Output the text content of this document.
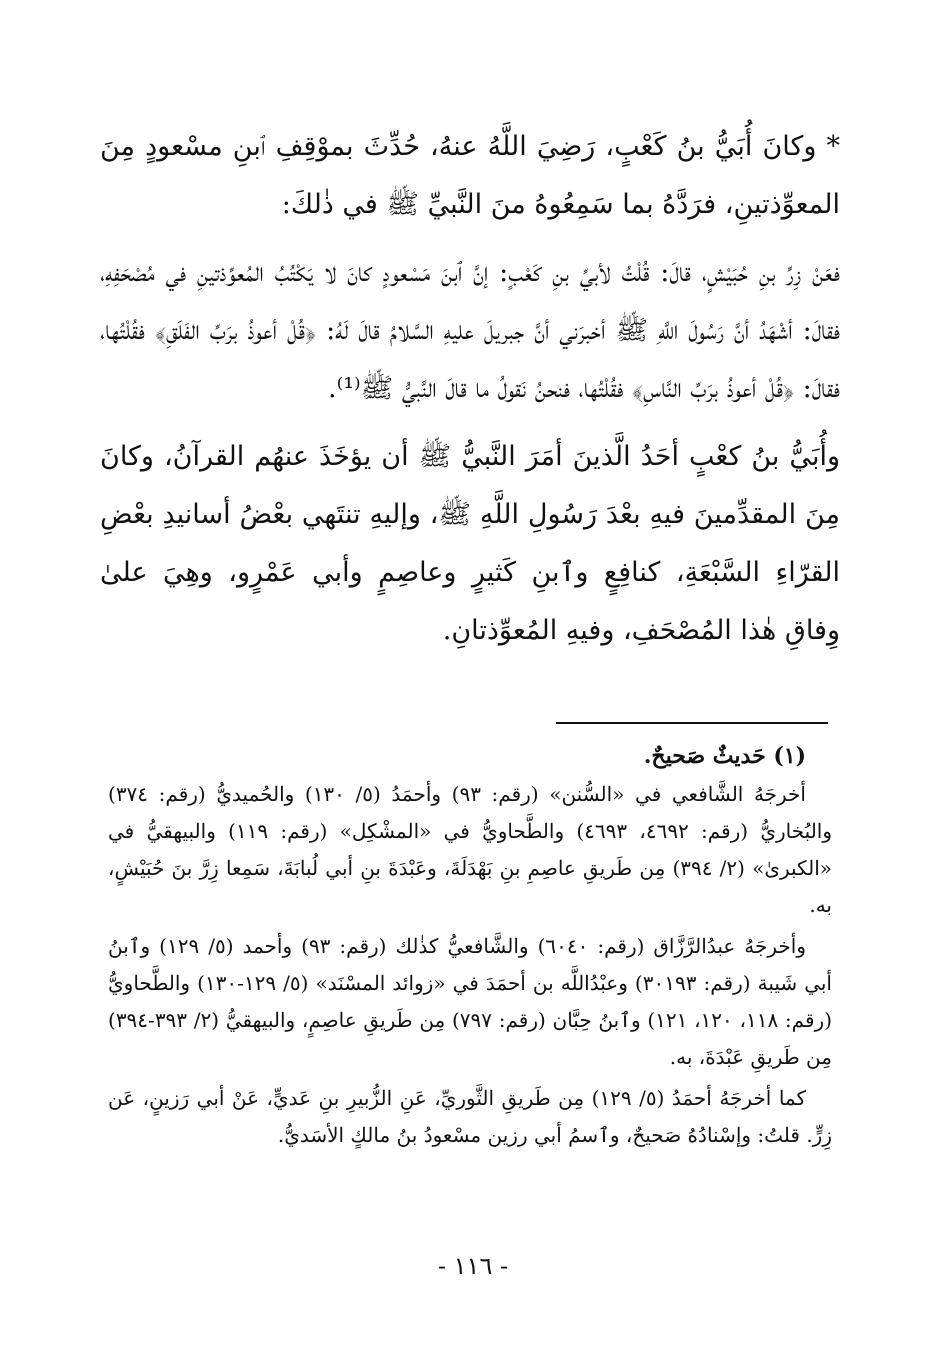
* وكانَ أُبَيُّ بنُ كَعْبٍ، رَضِيَ اللَّهُ عنهُ، حُدِّثَ بموْقِفِ ٱبنِ مسْعودٍ مِنَ المعوِّذتينِ، فرَدَّهُ بما سَمِعُوهُ منَ النَّبيِّ ﷺ في ذٰلكَ:

فعَنْ زِرِّ بنِ حُبَيْشٍ، قالَ: قُلْتُ لأبيِّ بنِ كَعْبٍ: إنَّ ٱبنَ مَسْعودٍ كانَ لا يَكْتُبُ المُعوِّذتينِ في مُصْحَفِهِ، فقالَ: أشْهَدُ أنَّ رَسُولَ اللَّهِ ﷺ أخبرَني أنَّ جبريلَ عليهِ السَّلامُ قالَ لَهُ: ﴿قُلْ أعوذُ برَبِّ الفَلَقِ﴾ فقُلْتُها، فقالَ: ﴿قُلْ أعوذُ برَبِّ النَّاسِ﴾ فقُلْتُها، فنحنُ نَقولُ ما قالَ النَّبيُّ ﷺ⁽¹⁾.

وأُبَيُّ بنُ كعْبٍ أحَدُ الَّذينَ أمَرَ النَّبيُّ ﷺ أن يؤخَذَ عنهُم القرآنُ، وكانَ مِنَ المقدِّمينَ فيهِ بعْدَ رَسُولِ اللَّهِ ﷺ، وإليهِ تنتَهي بعْضُ أسانيدِ بعْضِ القرّاءِ السَّبْعَةِ، كنافِعٍ وٱبنِ كَثيرٍ وعاصِمٍ وأبي عَمْرٍو، وهِيَ علىٰ وِفاقِ هٰذا المُصْحَفِ، وفيهِ المُعوِّذتانِ.

(١) حَديثٌ صَحيحٌ.

أخرجَهُ الشَّافعي في «السُّنن» (رقم: ٩٣) وأحمَدُ (٥/ ١٣٠) والحُميديُّ (رقم: ٣٧٤) والبُخاريُّ (رقم: ٤٦٩٢، ٤٦٩٣) والطَّحاويُّ في «المشْكِل» (رقم: ١١٩) والبيهقيُّ في «الكبرىٰ» (٢/ ٣٩٤) مِن طَريقِ عاصِمِ بنِ بَهْدَلَةَ، وعَبْدَةَ بنِ أبي لُبابَةَ، سَمِعا زِرَّ بنَ حُبَيْشٍ، به.

وأخرجَهُ عبدُالرَّزَّاق (رقم: ٦٠٤٠) والشَّافعيُّ كذٰلك (رقم: ٩٣) وأحمد (٥/ ١٢٩) وٱبنُ أبي شَيبة (رقم: ٣٠١٩٣) وعبْدُاللَّه بن أحمَدَ في «زوائد المسْنَد» (٥/ ١٢٩-١٣٠) والطَّحاويُّ (رقم: ١١٨، ١٢٠، ١٢١) وٱبنُ حِبَّان (رقم: ٧٩٧) مِن طَريقِ عاصِمٍ، والبيهقيُّ (٢/ ٣٩٣-٣٩٤) مِن طَريقِ عَبْدَةَ، به.

كما أخرجَهُ أحمَدُ (٥/ ١٢٩) مِن طَريقِ الثَّوريِّ، عَنِ الزُّبيرِ بنِ عَديٍّ، عَنْ أبي رَزينٍ، عَن زِرٍّ. قلتُ: وإسْنادُهُ صَحيحٌ، وٱسمُ أبي رزين مسْعودُ بنُ مالكٍ الأسَديُّ.

- ١١٦ -
